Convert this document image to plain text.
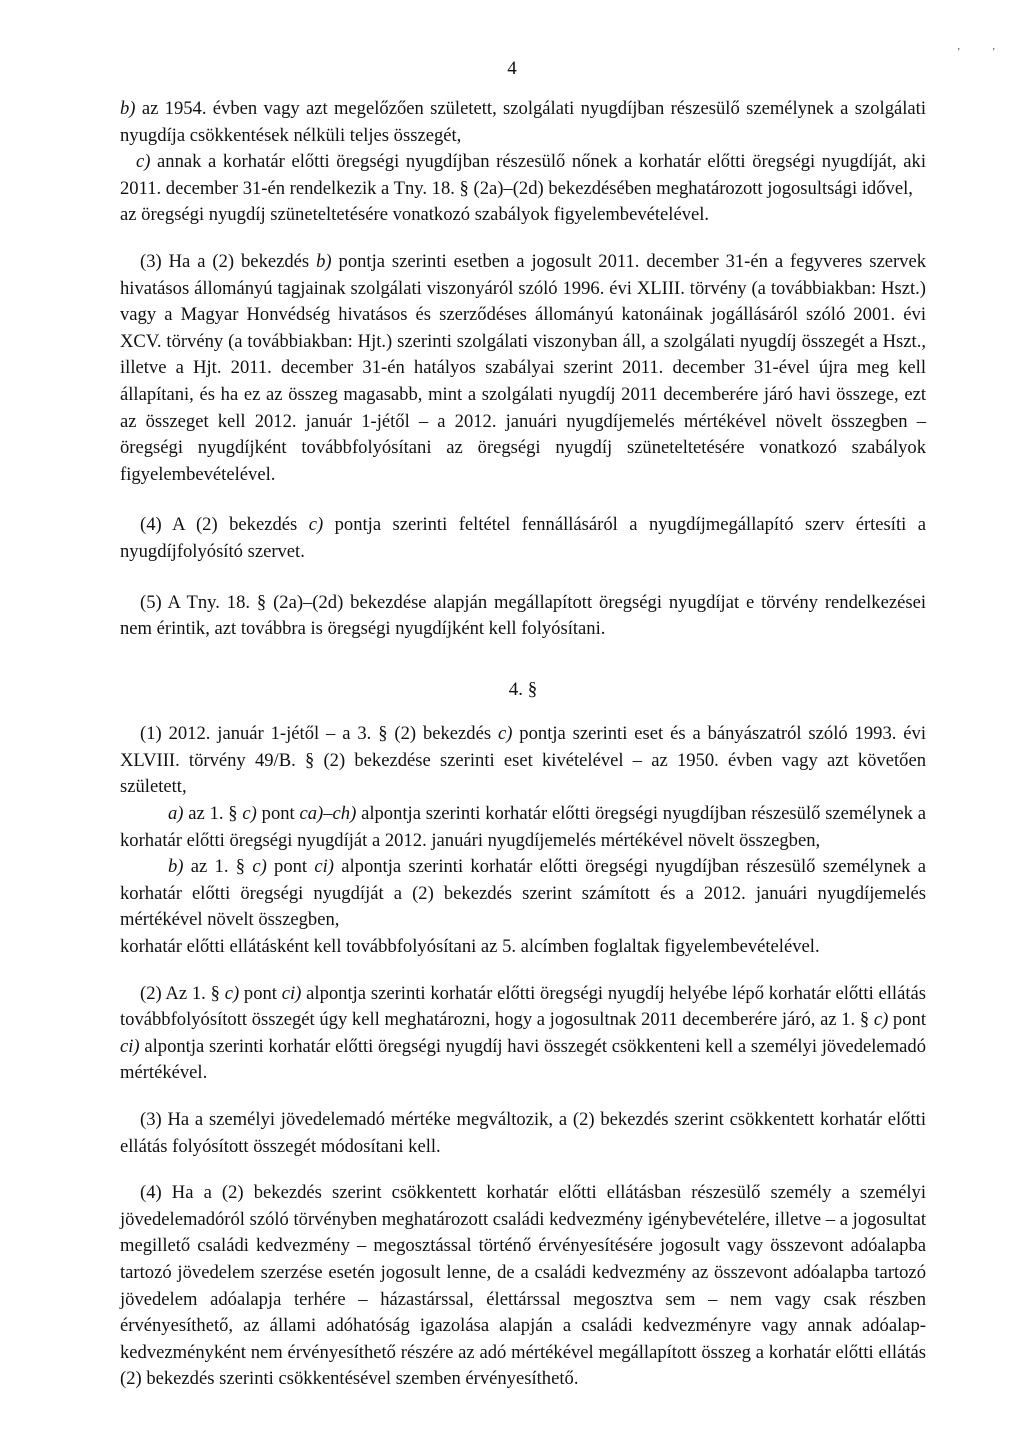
4
ʼ	ʼ

b) az 1954. évben vagy azt megelőzően született, szolgálati nyugdíjban részesülő személynek a szolgálati nyugdíja csökkentések nélküli teljes összegét,

c) annak a korhatár előtti öregségi nyugdíjban részesülő nőnek a korhatár előtti öregségi nyugdíját, aki 2011. december 31-én rendelkezik a Tny. 18. § (2a)–(2d) bekezdésében meghatározott jogosultsági idővel,

az öregségi nyugdíj szüneteltetésére vonatkozó szabályok figyelembevételével.

(3) Ha a (2) bekezdés b) pontja szerinti esetben a jogosult 2011. december 31-én a fegyveres szervek hivatásos állományú tagjainak szolgálati viszonyáról szóló 1996. évi XLIII. törvény (a továbbiakban: Hszt.) vagy a Magyar Honvédség hivatásos és szerződéses állományú katonáinak jogállásáról szóló 2001. évi XCV. törvény (a továbbiakban: Hjt.) szerinti szolgálati viszonyban áll, a szolgálati nyugdíj összegét a Hszt., illetve a Hjt. 2011. december 31-én hatályos szabályai szerint 2011. december 31-ével újra meg kell állapítani, és ha ez az összeg magasabb, mint a szolgálati nyugdíj 2011 decemberére járó havi összege, ezt az összeget kell 2012. január 1-jétől – a 2012. januári nyugdíjemelés mértékével növelt összegben – öregségi nyugdíjként továbbfolyósítani az öregségi nyugdíj szüneteltetésére vonatkozó szabályok figyelembevételével.

(4) A (2) bekezdés c) pontja szerinti feltétel fennállásáról a nyugdíjmegállapító szerv értesíti a nyugdíjfolyósító szervet.

(5) A Tny. 18. § (2a)–(2d) bekezdése alapján megállapított öregségi nyugdíjat e törvény rendelkezései nem érintik, azt továbbra is öregségi nyugdíjként kell folyósítani.

4. §

(1) 2012. január 1-jétől – a 3. § (2) bekezdés c) pontja szerinti eset és a bányászatról szóló 1993. évi XLVIII. törvény 49/B. § (2) bekezdése szerinti eset kivételével – az 1950. évben vagy azt követően született,

a) az 1. § c) pont ca)–ch) alpontja szerinti korhatár előtti öregségi nyugdíjban részesülő személynek a korhatár előtti öregségi nyugdíját a 2012. januári nyugdíjemelés mértékével növelt összegben,

b) az 1. § c) pont ci) alpontja szerinti korhatár előtti öregségi nyugdíjban részesülő személynek a korhatár előtti öregségi nyugdíját a (2) bekezdés szerint számított és a 2012. januári nyugdíjemelés mértékével növelt összegben,

korhatár előtti ellátásként kell továbbfolyósítani az 5. alcímben foglaltak figyelembevételével.

(2) Az 1. § c) pont ci) alpontja szerinti korhatár előtti öregségi nyugdíj helyébe lépő korhatár előtti ellátás továbbfolyósított összegét úgy kell meghatározni, hogy a jogosultnak 2011 decemberére járó, az 1. § c) pont ci) alpontja szerinti korhatár előtti öregségi nyugdíj havi összegét csökkenteni kell a személyi jövedelemadó mértékével.

(3) Ha a személyi jövedelemadó mértéke megváltozik, a (2) bekezdés szerint csökkentett korhatár előtti ellátás folyósított összegét módosítani kell.

(4) Ha a (2) bekezdés szerint csökkentett korhatár előtti ellátásban részesülő személy a személyi jövedelemadóról szóló törvényben meghatározott családi kedvezmény igénybevételére, illetve – a jogosultat megillető családi kedvezmény – megosztással történő érvényesítésére jogosult vagy összevont adóalapba tartozó jövedelem szerzése esetén jogosult lenne, de a családi kedvezmény az összevont adóalapba tartozó jövedelem adóalapja terhére – házastárssal, élettárssal megosztva sem – nem vagy csak részben érvényesíthető, az állami adóhatóság igazolása alapján a családi kedvezményre vagy annak adóalap-kedvezményként nem érvényesíthető részére az adó mértékével megállapított összeg a korhatár előtti ellátás (2) bekezdés szerinti csökkentésével szemben érvényesíthető.
